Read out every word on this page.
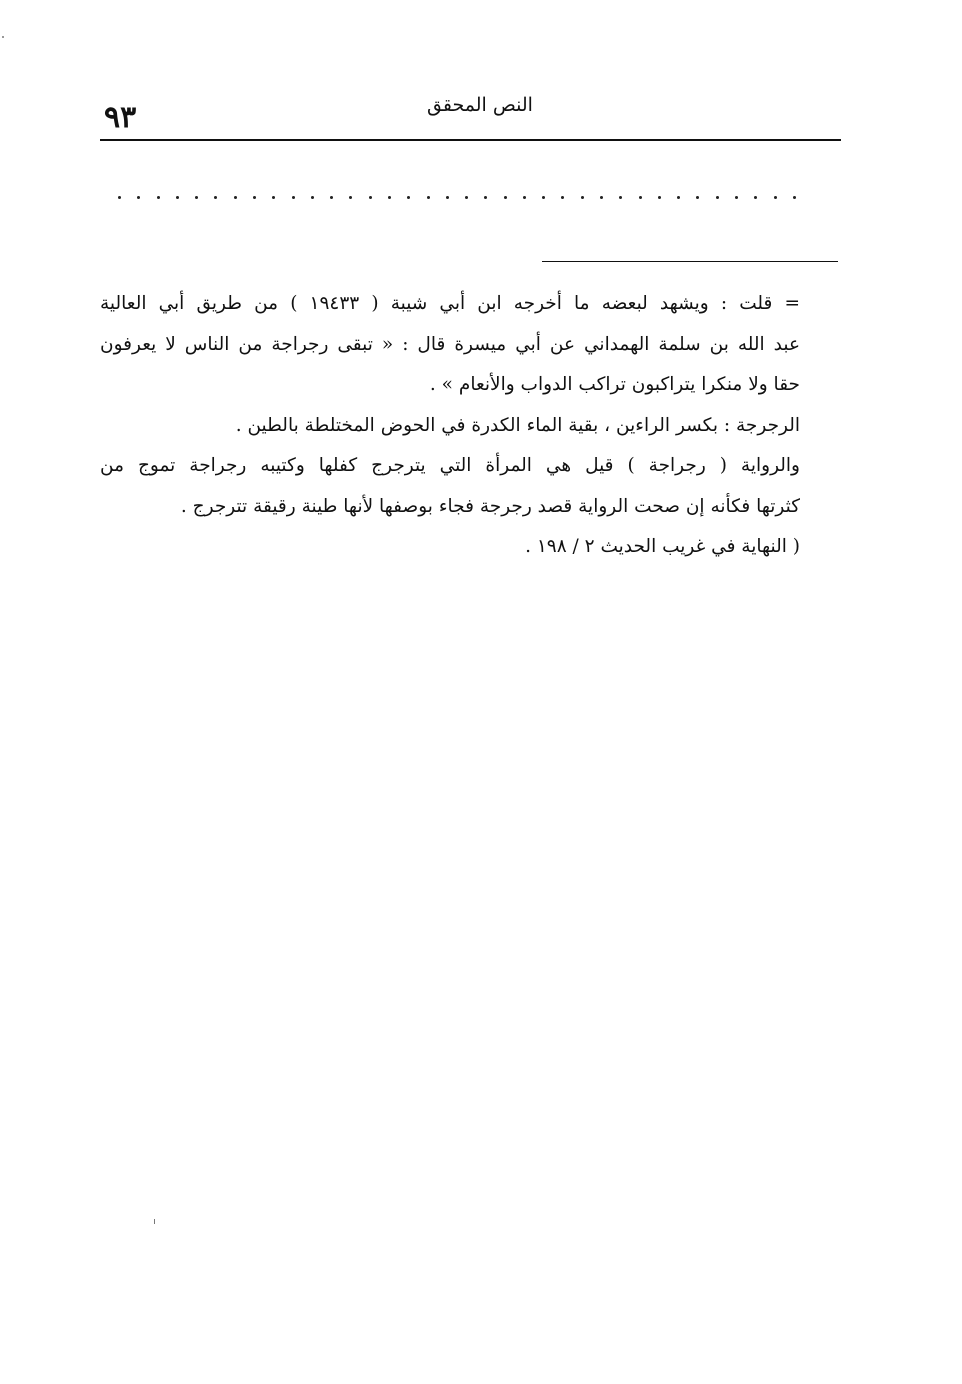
٩٣	النص المحقق
= قلت : ويشهد لبعضه ما أخرجه ابن أبي شيبة ( ١٩٤٣٣ ) من طريق أبي العالية
عبد الله بن سلمة الهمداني عن أبي ميسرة قال : « تبقى رجراجة من الناس لا يعرفون
حقا ولا منكرا يتراكبون تراكب الدواب والأنعام » .
الرجرجة : بكسر الراءين ، بقية الماء الكدرة في الحوض المختلطة بالطين .
والرواية ( رجراجة ) قيل هي المرأة التي يترجرج كفلها وكتيبه رجراجة تموج من
كثرتها فكأنه إن صحت الرواية قصد رجرجة فجاء بوصفها لأنها طينة رقيقة تترجرج .
( النهاية في غريب الحديث ٢ / ١٩٨ .
